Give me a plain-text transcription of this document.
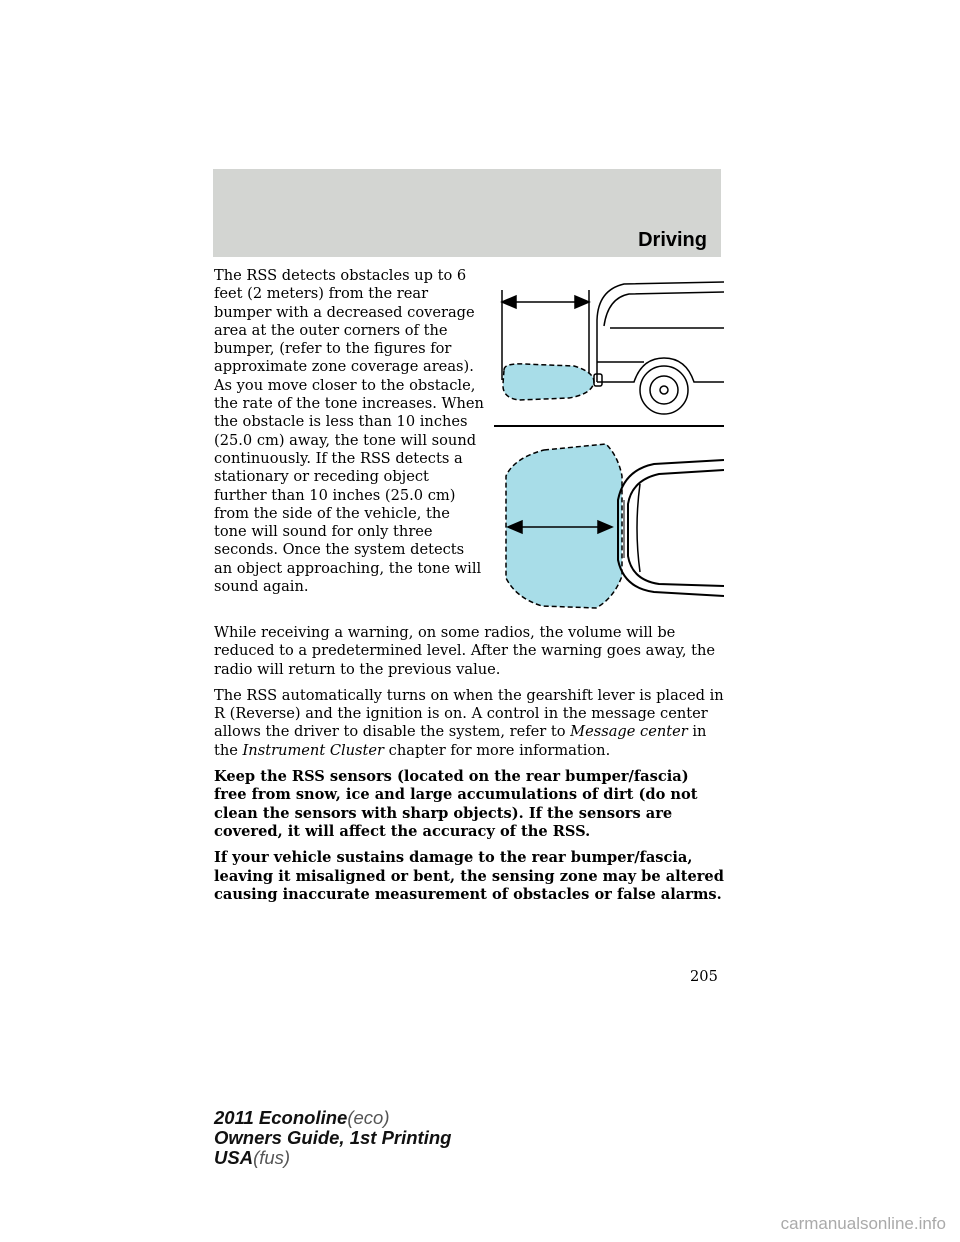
Driving
The RSS detects obstacles up to 6 feet (2 meters) from the rear bumper with a decreased coverage area at the outer corners of the bumper, (refer to the figures for approximate zone coverage areas). As you move closer to the obstacle, the rate of the tone increases. When the obstacle is less than 10 inches (25.0 cm) away, the tone will sound continuously. If the RSS detects a stationary or receding object further than 10 inches (25.0 cm) from the side of the vehicle, the tone will sound for only three seconds. Once the system detects an object approaching, the tone will sound again.

While receiving a warning, on some radios, the volume will be reduced to a predetermined level. After the warning goes away, the radio will return to the previous value.

The RSS automatically turns on when the gearshift lever is placed in R (Reverse) and the ignition is on. A control in the message center allows the driver to disable the system, refer to Message center in the Instrument Cluster chapter for more information.

Keep the RSS sensors (located on the rear bumper/fascia) free from snow, ice and large accumulations of dirt (do not clean the sensors with sharp objects). If the sensors are covered, it will affect the accuracy of the RSS.

If your vehicle sustains damage to the rear bumper/fascia, leaving it misaligned or bent, the sensing zone may be altered causing inaccurate measurement of obstacles or false alarms.

205
2011 Econoline(eco)
Owners Guide, 1st Printing
USA(fus)
carmanualsonline.info
